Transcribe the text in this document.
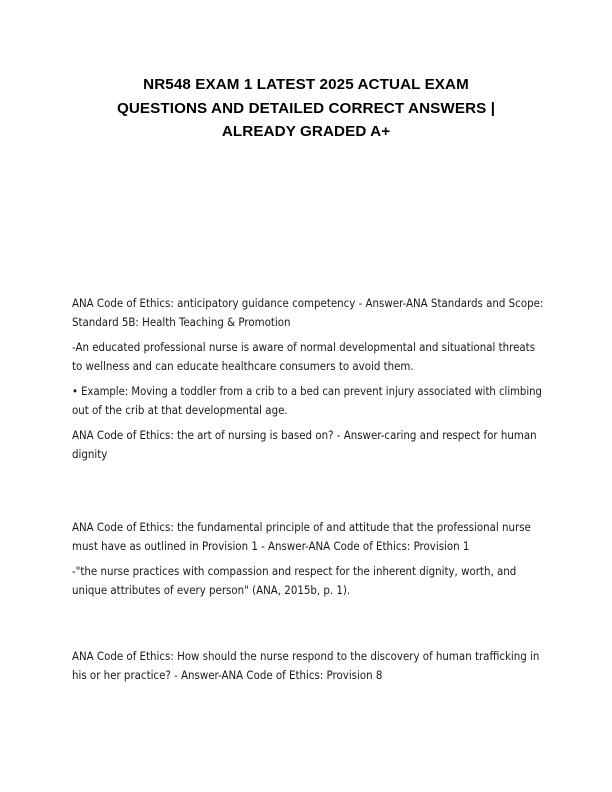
NR548 EXAM 1 LATEST 2025 ACTUAL EXAM
QUESTIONS AND DETAILED CORRECT ANSWERS |
ALREADY GRADED A+

ANA Code of Ethics: anticipatory guidance competency - Answer-ANA Standards and Scope:
Standard 5B: Health Teaching & Promotion

-An educated professional nurse is aware of normal developmental and situational threats
to wellness and can educate healthcare consumers to avoid them.

• Example: Moving a toddler from a crib to a bed can prevent injury associated with climbing
out of the crib at that developmental age.

ANA Code of Ethics: the art of nursing is based on? - Answer-caring and respect for human
dignity

ANA Code of Ethics: the fundamental principle of and attitude that the professional nurse
must have as outlined in Provision 1 - Answer-ANA Code of Ethics: Provision 1

-"the nurse practices with compassion and respect for the inherent dignity, worth, and
unique attributes of every person" (ANA, 2015b, p. 1).

ANA Code of Ethics: How should the nurse respond to the discovery of human trafficking in
his or her practice? - Answer-ANA Code of Ethics: Provision 8
